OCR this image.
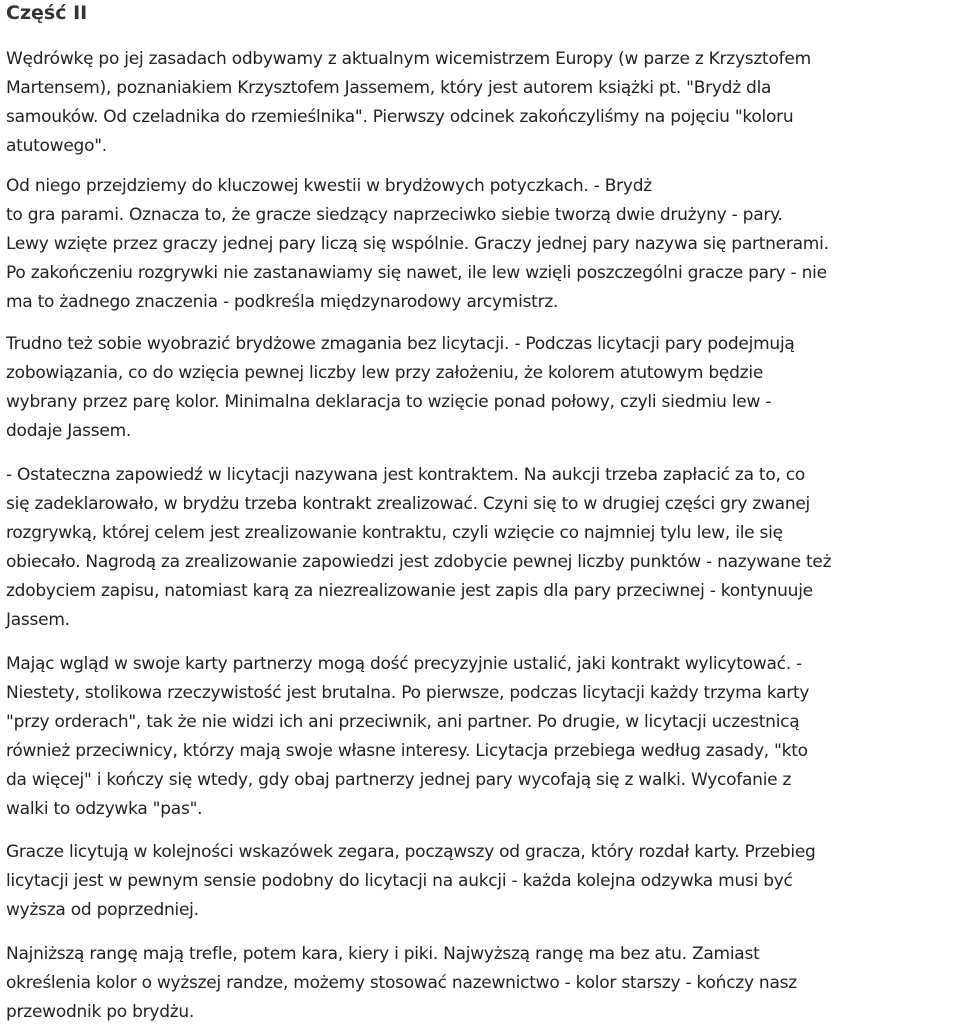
Część II

Wędrówkę po jej zasadach odbywamy z aktualnym wicemistrzem Europy (w parze z Krzysztofem
Martensem), poznaniakiem Krzysztofem Jassemem, który jest autorem książki pt. "Brydż dla
samouków. Od czeladnika do rzemieślnika". Pierwszy odcinek zakończyliśmy na pojęciu "koloru
atutowego".

Od niego przejdziemy do kluczowej kwestii w brydżowych potyczkach. - Brydż
to gra parami. Oznacza to, że gracze siedzący naprzeciwko siebie tworzą dwie drużyny - pary.
Lewy wzięte przez graczy jednej pary liczą się wspólnie. Graczy jednej pary nazywa się partnerami.
Po zakończeniu rozgrywki nie zastanawiamy się nawet, ile lew wzięli poszczególni gracze pary - nie
ma to żadnego znaczenia - podkreśla międzynarodowy arcymistrz.

Trudno też sobie wyobrazić brydżowe zmagania bez licytacji. - Podczas licytacji pary podejmują
zobowiązania, co do wzięcia pewnej liczby lew przy założeniu, że kolorem atutowym będzie
wybrany przez parę kolor. Minimalna deklaracja to wzięcie ponad połowy, czyli siedmiu lew -
dodaje Jassem.

- Ostateczna zapowiedź w licytacji nazywana jest kontraktem. Na aukcji trzeba zapłacić za to, co
się zadeklarowało, w brydżu trzeba kontrakt zrealizować. Czyni się to w drugiej części gry zwanej
rozgrywką, której celem jest zrealizowanie kontraktu, czyli wzięcie co najmniej tylu lew, ile się
obiecało. Nagrodą za zrealizowanie zapowiedzi jest zdobycie pewnej liczby punktów - nazywane też
zdobyciem zapisu, natomiast karą za niezrealizowanie jest zapis dla pary przeciwnej - kontynuuje
Jassem.

Mając wgląd w swoje karty partnerzy mogą dość precyzyjnie ustalić, jaki kontrakt wylicytować. -
Niestety, stolikowa rzeczywistość jest brutalna. Po pierwsze, podczas licytacji każdy trzyma karty
"przy orderach", tak że nie widzi ich ani przeciwnik, ani partner. Po drugie, w licytacji uczestnicą
również przeciwnicy, którzy mają swoje własne interesy. Licytacja przebiega według zasady, "kto
da więcej" i kończy się wtedy, gdy obaj partnerzy jednej pary wycofają się z walki. Wycofanie z
walki to odzywka "pas".

Gracze licytują w kolejności wskazówek zegara, począwszy od gracza, który rozdał karty. Przebieg
licytacji jest w pewnym sensie podobny do licytacji na aukcji - każda kolejna odzywka musi być
wyższa od poprzedniej.

Najniższą rangę mają trefle, potem kara, kiery i piki. Najwyższą rangę ma bez atu. Zamiast
określenia kolor o wyższej randze, możemy stosować nazewnictwo - kolor starszy - kończy nasz
przewodnik po brydżu.
